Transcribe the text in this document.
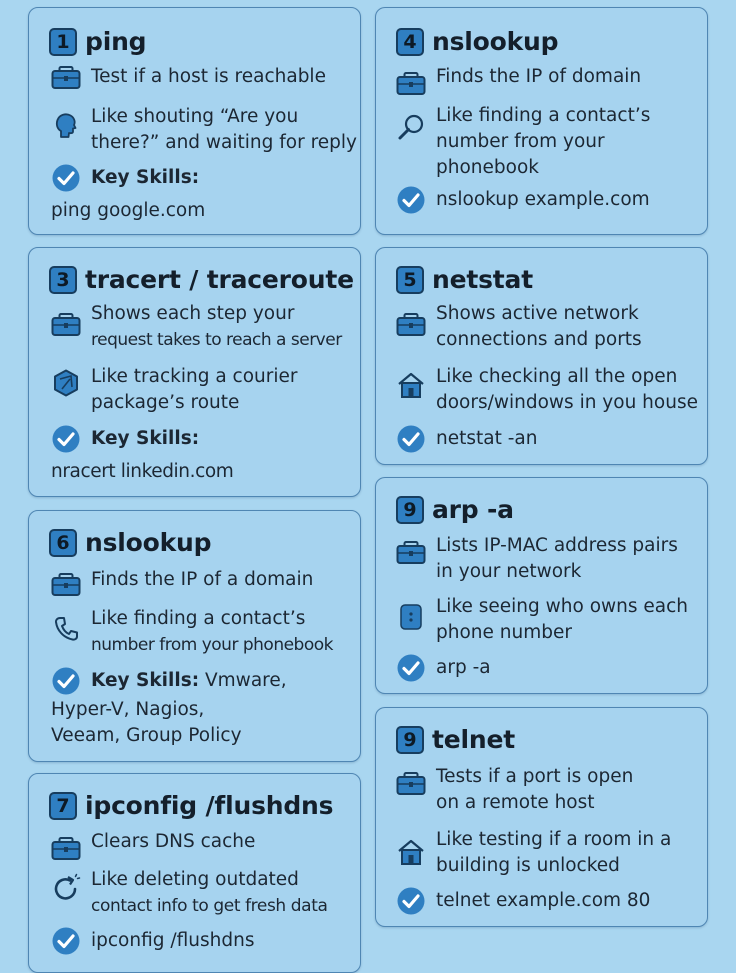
1 ping
Test if a host is reachable
Like shouting “Are you
there?” and waiting for reply
Key Skills:
ping google.com
4 nslookup
Finds the IP of domain
Like finding a contact’s
number from your
phonebook
nslookup example.com
3 tracert / traceroute
Shows each step your
request takes to reach a server
Like tracking a courier
package’s route
Key Skills:
nracert linkedin.com
5 netstat
Shows active network
connections and ports
Like checking all the open
doors/windows in you house
netstat -an
6 nslookup
Finds the IP of a domain
Like finding a contact’s
number from your phonebook
Key Skills: Vmware,
Hyper-V, Nagios,
Veeam, Group Policy
9 arp -a
Lists IP-MAC address pairs
in your network
Like seeing who owns each
phone number
arp -a
9 telnet
Tests if a port is open
on a remote host
Like testing if a room in a
building is unlocked
telnet example.com 80
7 ipconfig /flushdns
Clears DNS cache
Like deleting outdated
contact info to get fresh data
ipconfig /flushdns
